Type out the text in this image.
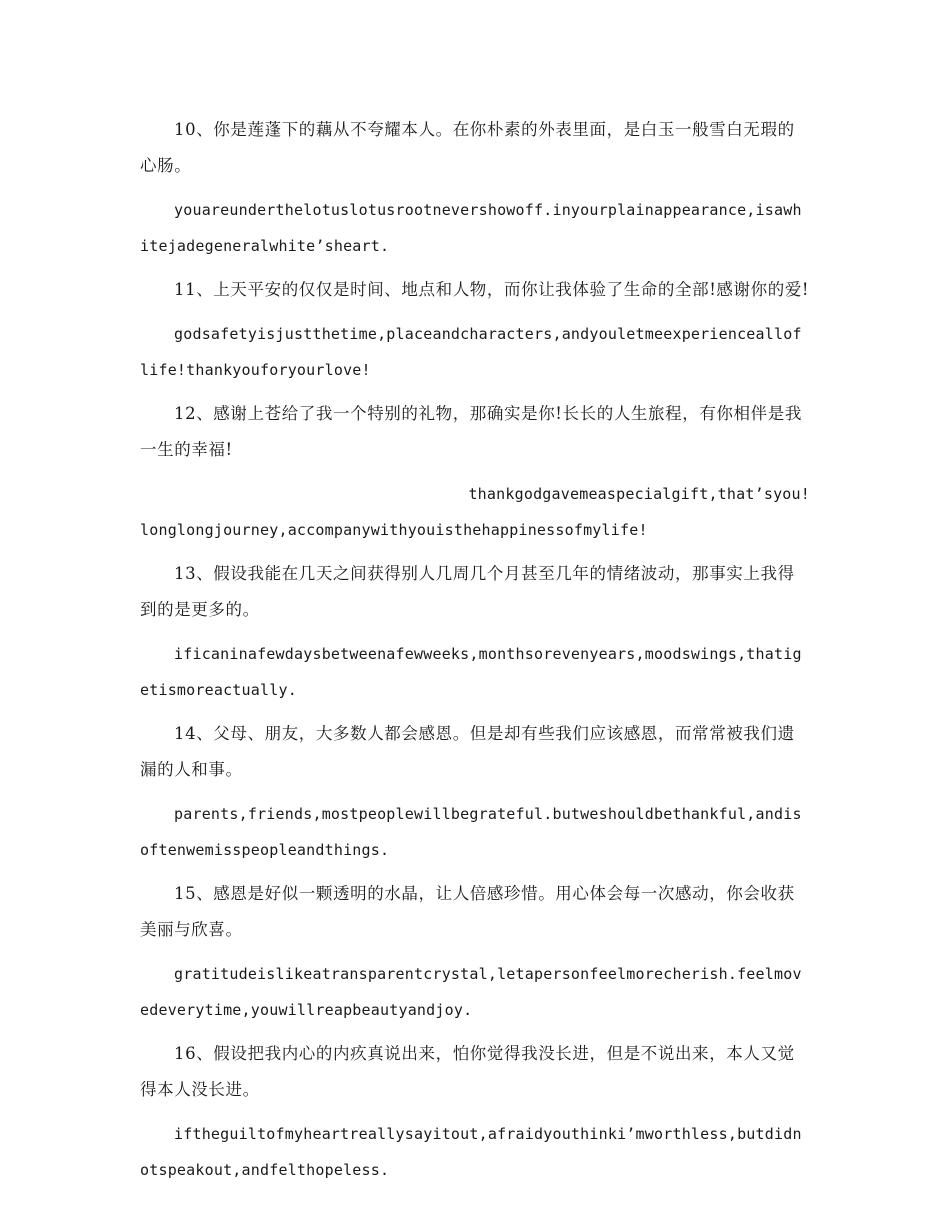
10、你是莲蓬下的藕从不夸耀本人。在你朴素的外表里面，是白玉一般雪白无瑕的心肠。

youareunderthelotuslotusrootnevershowoff.inyourplainappearance,isawhitejadegeneralwhite’sheart.

11、上天平安的仅仅是时间、地点和人物，而你让我体验了生命的全部!感谢你的爱!

godsafetyisjustthetime,placeandcharacters,andyouletmeexperienceallof life!thankyouforyourlove!

12、感谢上苍给了我一个特别的礼物，那确实是你!长长的人生旅程，有你相伴是我一生的幸福!

thankgodgavemeaspecialgift,that’syou!

longlongjourney,accompanywithyouisthehappinessofmylife!

13、假设我能在几天之间获得别人几周几个月甚至几年的情绪波动，那事实上我得到的是更多的。

ificaninafewdaysbetweenafewweeks,monthsorevenyears,moodswings,thatigetismoreactually.

14、父母、朋友，大多数人都会感恩。但是却有些我们应该感恩，而常常被我们遗漏的人和事。

parents,friends,mostpeoplewillbegrateful.butweshouldbethankful,andisoftenwemisspeopleandthings.

15、感恩是好似一颗透明的水晶，让人倍感珍惜。用心体会每一次感动，你会收获美丽与欣喜。

gratitudeislikeatransparentcrystal,letapersonfeelmorecherish.feelmovedeverytime,youwillreapbeautyandjoy.

16、假设把我内心的内疚真说出来，怕你觉得我没长进，但是不说出来，本人又觉得本人没长进。

iftheguiltofmyheartreallysayitout,afraidyouthinki’mworthless,butdidnotspeakout,andfelthopeless.
